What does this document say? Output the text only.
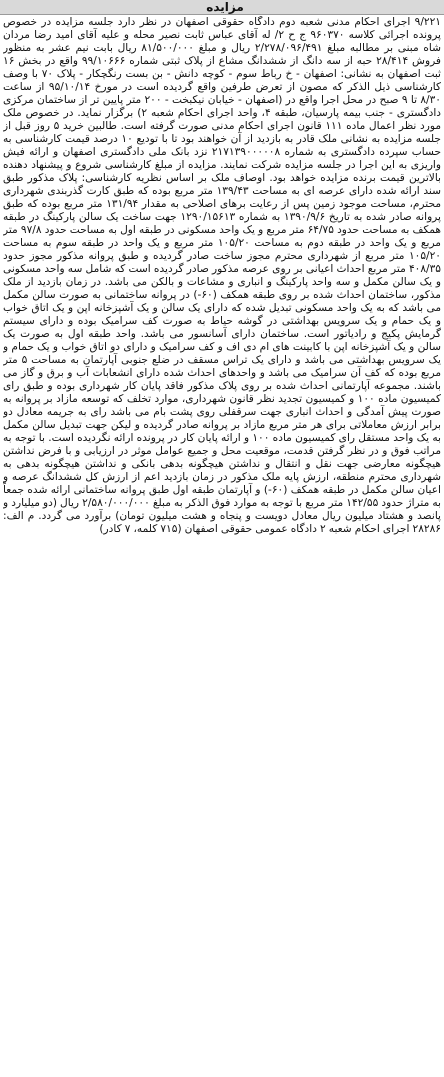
مزایده
۹/۲۲۱ اجرای احکام مدنی شعبه دوم دادگاه حقوقی اصفهان در نظر دارد جلسه مزایده در خصوص پرونده اجرائی کلاسه ۹۶۰۳۷۰ ج ح ۲/ له آقای عباس ثابت نصیر محله و علیه آقای امید رضا مردان شاه مبنی بر مطالبه مبلغ ۲/۲۷۸/۰۹۶/۴۹۱ ریال و مبلغ ۸۱/۵۰۰/۰۰۰ ریال بابت نیم عشر به منظور فروش ۲۸/۴۱۴ حبه از سه دانگ از ششدانگ مشاع از پلاک ثبتی شماره ۹۹/۱۰۶۶۶ واقع در بخش ۱۶ ثبت اصفهان به نشانی: اصفهان - خ رباط سوم - کوچه دانش - بن بست رنگچکار - پلاک ۷۰ با وصف کارشناسی ذیل الذکر که مصون از تعرض طرفین واقع گردیده است در مورخ ۹۵/۱۰/۱۴ از ساعت ۸/۳۰ تا ۹ صبح در محل اجرا واقع در (اصفهان - خیابان نیکبخت - ۲۰۰ متر پایین تر از ساختمان مرکزی دادگستری - جنب بیمه پارسیان، طبقه ۴، واحد اجرای احکام شعبه ۲) برگزار نماید. در خصوص ملک مورد نظر اعمال ماده ۱۱۱ قانون اجرای احکام مدنی صورت گرفته است. طالبین خرید ۵ روز قبل از جلسه مزایده به نشانی ملک قادر به بازدید از آن خواهند بود تا با تودیع ۱۰ درصد قیمت کارشناسی به حساب سپرده دادگستری به شماره ۲۱۷۱۳۹۰۰۰۰۰۸ نزد بانک ملی دادگستری اصفهان و ارائه فیش واریزی به این اجرا در جلسه مزایده شرکت نمایند. مزایده از مبلغ کارشناسی شروع و پیشنهاد دهنده بالاترین قیمت برنده مزایده خواهد بود. اوصاف ملک بر اساس نظریه کارشناسی: پلاک مذکور طبق سند ارائه شده دارای عرصه ای به مساحت ۱۳۹/۴۳ متر مربع بوده که طبق کارت گذربندی شهرداری محترم، مساحت موجود زمین پس از رعایت برهای اصلاحی به مقدار ۱۳۱/۹۴ متر مربع بوده که طبق پروانه صادر شده به تاریخ ۱۳۹۰/۹/۶ به شماره ۱۲۹۰/۱۵۶۱۳ جهت ساخت یک سالن پارکینگ در طبقه همکف به مساحت حدود ۶۴/۷۵ متر مربع و یک واحد مسکونی در طبقه اول به مساحت حدود ۹۷/۸ متر مربع و یک واحد در طبقه دوم به مساحت ۱۰۵/۲۰ متر مربع و یک واحد در طبقه سوم به مساحت ۱۰۵/۲۰ متر مربع از شهرداری محترم مجوز ساخت صادر گردیده و طبق پروانه مذکور مجوز حدود ۴۰۸/۳۵ متر مربع احداث اعیانی بر روی عرصه مذکور صادر گردیده است که شامل سه واحد مسکونی و یک سالن مکمل و سه واحد پارکینگ و انباری و مشاعات و بالکن می باشد. در زمان بازدید از ملک مذکور، ساختمان احداث شده بر روی طبقه همکف (۶۰-) در پروانه ساختمانی به صورت سالن مکمل می باشد که به یک واحد مسکونی تبدیل شده که دارای یک سالن و یک آشپزخانه اپن و یک اتاق خواب و یک حمام و یک سرویس بهداشتی در گوشه حیاط به صورت کف سرامیک بوده و دارای سیستم گرمایش پکیج و رادیاتور است. ساختمان دارای آسانسور می باشد. واحد طبقه اول به صورت یک سالن و یک آشپزخانه اپن با کابینت های ام دی اف و کف سرامیک و دارای دو اتاق خواب و یک حمام و یک سرویس بهداشتی می باشد و دارای یک تراس مسقف در ضلع جنوبی آپارتمان به مساحت ۵ متر مربع بوده که کف آن سرامیک می باشد و واحدهای احداث شده دارای انشعابات آب و برق و گاز می باشند. مجموعه آپارتمانی احداث شده بر روی پلاک مذکور فاقد پایان کار شهرداری بوده و طبق رای کمیسیون ماده ۱۰۰ و کمیسیون تجدید نظر قانون شهرداری، موارد تخلف که توسعه مازاد بر پروانه به صورت پیش آمدگی و احداث انباری جهت سرقفلی روی پشت بام می باشد رای به جریمه معادل دو برابر ارزش معاملاتی برای هر متر مربع مازاد بر پروانه صادر گردیده و لیکن جهت تبدیل سالن مکمل به یک واحد مستقل رای کمیسیون ماده ۱۰۰ و ارائه پایان کار در پرونده ارائه نگردیده است. با توجه به مراتب فوق و در نظر گرفتن قدمت، موقعیت محل و جمیع عوامل موثر در ارزیابی و با فرض نداشتن هیچگونه معارضی جهت نقل و انتقال و نداشتن هیچگونه بدهی بانکی و نداشتن هیچگونه بدهی به شهرداری محترم منطقه، ارزش پایه ملک مذکور در زمان بازدید اعم از ارزش کل ششدانگ عرصه و اعیان سالن مکمل در طبقه همکف (۶۰-) و آپارتمان طبقه اول طبق پروانه ساختمانی ارائه شده جمعاً به متراژ حدود ۱۴۲/۵۵ متر مربع با توجه به موارد فوق الذکر به مبلغ ۲/۵۸۰/۰۰۰/۰۰۰ ریال (دو میلیارد و پانصد و هشتاد میلیون ریال معادل دویست و پنجاه و هشت میلیون تومان) برآورد می گردد. م الف: ۲۸۲۸۶ اجرای احکام شعبه ۲ دادگاه عمومی حقوقی اصفهان (۷۱۵ کلمه، ۷ کادر)
